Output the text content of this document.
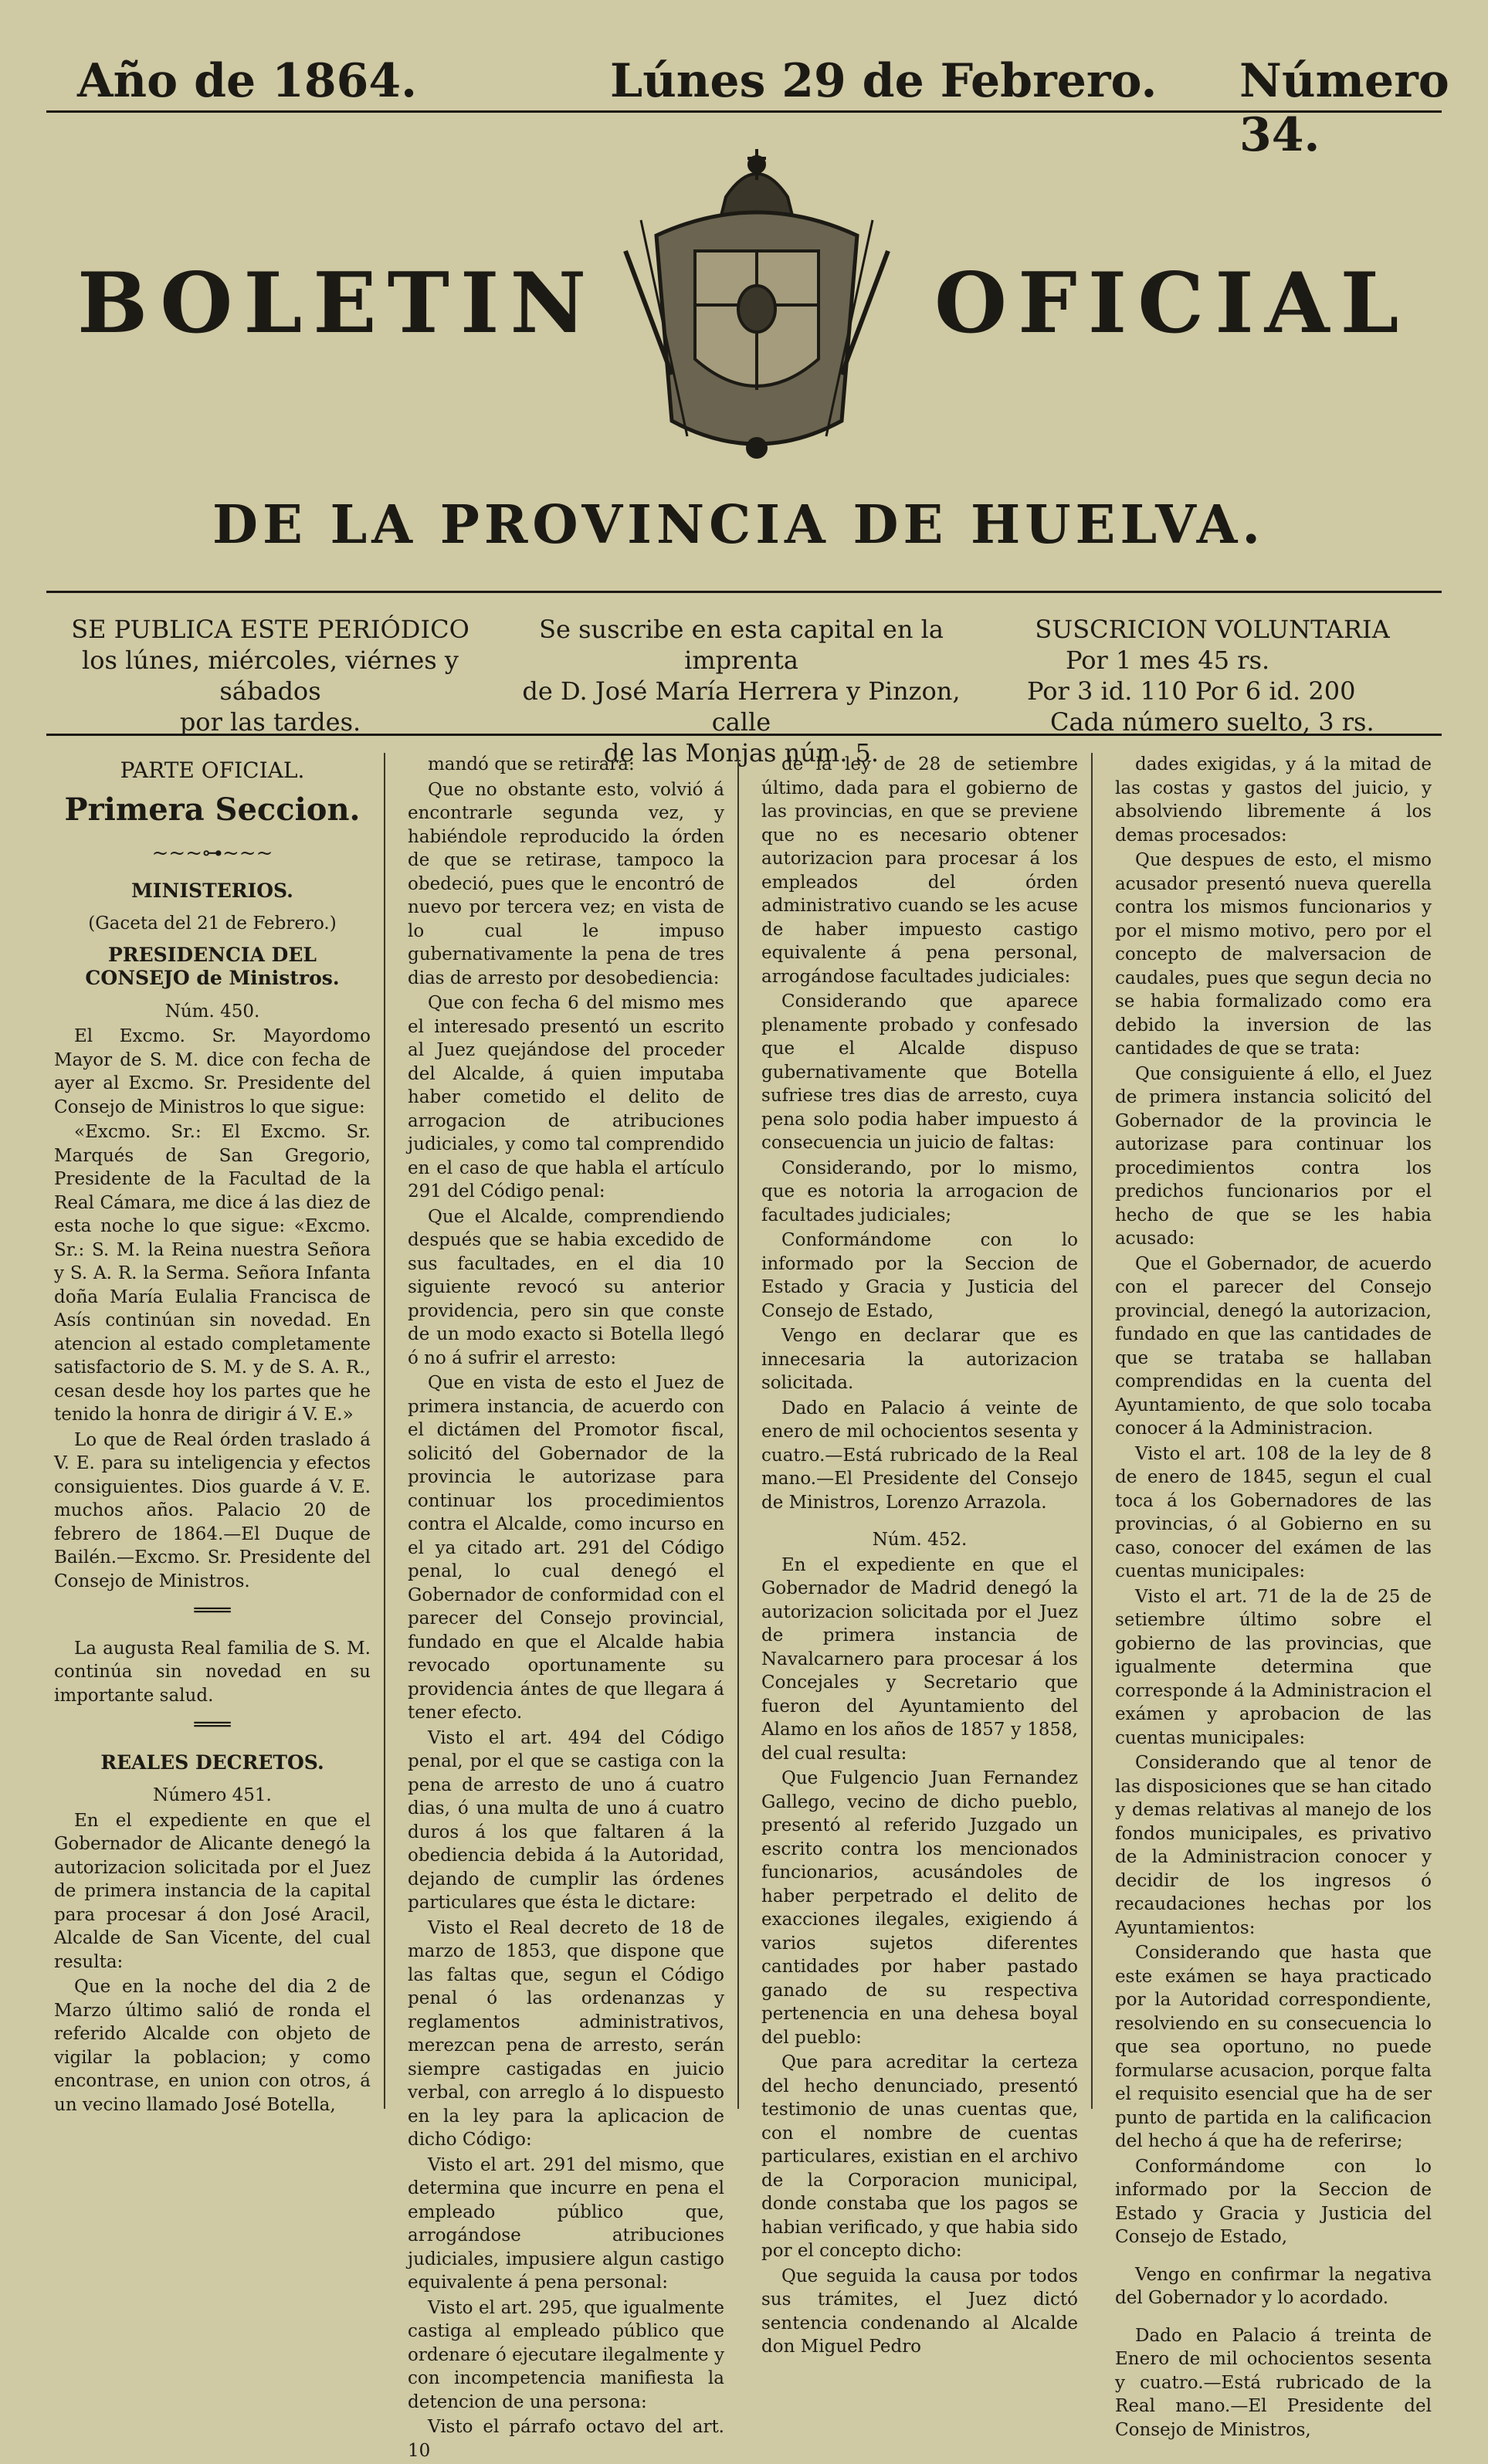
Año de 1864.	Lúnes 29 de Febrero. Número 34.
BOLETIN	OFICIAL
DE LA PROVINCIA DE HUELVA.
SE PUBLICA ESTE PERIÓDICO
los lúnes, miércoles, viérnes y sábados
por las tardes.
Se suscribe en esta capital en la imprenta
de D. José María Herrera y Pinzon, calle
de las Monjas núm. 5.
SUSCRICION VOLUNTARIA
Por 1 mes 45 rs.
Por 3 id. 110 Por 6 id. 200
Cada número suelto, 3 rs.

PARTE OFICIAL.

Primera Seccion.

~~~⊶~~~

MINISTERIOS.

(Gaceta del 21 de Febrero.)

PRESIDENCIA DEL CONSEJO de Ministros.

Núm. 450.

El Excmo. Sr. Mayordomo Mayor de S. M. dice con fecha de ayer al Excmo. Sr. Presidente del Consejo de Ministros lo que sigue:

«Excmo. Sr.: El Excmo. Sr. Marqués de San Gregorio, Presidente de la Facultad de la Real Cámara, me dice á las diez de esta noche lo que sigue: «Excmo. Sr.: S. M. la Reina nuestra Señora y S. A. R. la Serma. Señora Infanta doña María Eulalia Francisca de Asís continúan sin novedad. En atencion al estado completamente satisfactorio de S. M. y de S. A. R., cesan desde hoy los partes que he tenido la honra de dirigir á V. E.»

Lo que de Real órden traslado á V. E. para su inteligencia y efectos consiguientes. Dios guarde á V. E. muchos años. Palacio 20 de febrero de 1864.—El Duque de Bailén.—Excmo. Sr. Presidente del Consejo de Ministros.

═══

La augusta Real familia de S. M. continúa sin novedad en su importante salud.

═══

REALES DECRETOS.

Número 451.

En el expediente en que el Gobernador de Alicante denegó la autorizacion solicitada por el Juez de primera instancia de la capital para procesar á don José Aracil, Alcalde de San Vicente, del cual resulta:

Que en la noche del dia 2 de Marzo último salió de ronda el referido Alcalde con objeto de vigilar la poblacion; y como encontrase, en union con otros, á un vecino llamado José Botella,

mandó que se retirara:

Que no obstante esto, volvió á encontrarle segunda vez, y habiéndole reproducido la órden de que se retirase, tampoco la obedeció, pues que le encontró de nuevo por tercera vez; en vista de lo cual le impuso gubernativamente la pena de tres dias de arresto por desobediencia:

Que con fecha 6 del mismo mes el interesado presentó un escrito al Juez quejándose del proceder del Alcalde, á quien imputaba haber cometido el delito de arrogacion de atribuciones judiciales, y como tal comprendido en el caso de que habla el artículo 291 del Código penal:

Que el Alcalde, comprendiendo después que se habia excedido de sus facultades, en el dia 10 siguiente revocó su anterior providencia, pero sin que conste de un modo exacto si Botella llegó ó no á sufrir el arresto:

Que en vista de esto el Juez de primera instancia, de acuerdo con el dictámen del Promotor fiscal, solicitó del Gobernador de la provincia le autorizase para continuar los procedimientos contra el Alcalde, como incurso en el ya citado art. 291 del Código penal, lo cual denegó el Gobernador de conformidad con el parecer del Consejo provincial, fundado en que el Alcalde habia revocado oportunamente su providencia ántes de que llegara á tener efecto.

Visto el art. 494 del Código penal, por el que se castiga con la pena de arresto de uno á cuatro dias, ó una multa de uno á cuatro duros á los que faltaren á la obediencia debida á la Autoridad, dejando de cumplir las órdenes particulares que ésta le dictare:

Visto el Real decreto de 18 de marzo de 1853, que dispone que las faltas que, segun el Código penal ó las ordenanzas y reglamentos administrativos, merezcan pena de arresto, serán siempre castigadas en juicio verbal, con arreglo á lo dispuesto en la ley para la aplicacion de dicho Código:

Visto el art. 291 del mismo, que determina que incurre en pena el empleado público que, arrogándose atribuciones judiciales, impusiere algun castigo equivalente á pena personal:

Visto el art. 295, que igualmente castiga al empleado público que ordenare ó ejecutare ilegalmente y con incompetencia manifiesta la detencion de una persona:

Visto el párrafo octavo del art. 10

de la ley de 28 de setiembre último, dada para el gobierno de las provincias, en que se previene que no es necesario obtener autorizacion para procesar á los empleados del órden administrativo cuando se les acuse de haber impuesto castigo equivalente á pena personal, arrogándose facultades judiciales:

Considerando que aparece plenamente probado y confesado que el Alcalde dispuso gubernativamente que Botella sufriese tres dias de arresto, cuya pena solo podia haber impuesto á consecuencia un juicio de faltas:

Considerando, por lo mismo, que es notoria la arrogacion de facultades judiciales;

Conformándome con lo informado por la Seccion de Estado y Gracia y Justicia del Consejo de Estado,

Vengo en declarar que es innecesaria la autorizacion solicitada.

Dado en Palacio á veinte de enero de mil ochocientos sesenta y cuatro.—Está rubricado de la Real mano.—El Presidente del Consejo de Ministros, Lorenzo Arrazola.

Núm. 452.

En el expediente en que el Gobernador de Madrid denegó la autorizacion solicitada por el Juez de primera instancia de Navalcarnero para procesar á los Concejales y Secretario que fueron del Ayuntamiento del Alamo en los años de 1857 y 1858, del cual resulta:

Que Fulgencio Juan Fernandez Gallego, vecino de dicho pueblo, presentó al referido Juzgado un escrito contra los mencionados funcionarios, acusándoles de haber perpetrado el delito de exacciones ilegales, exigiendo á varios sujetos diferentes cantidades por haber pastado ganado de su respectiva pertenencia en una dehesa boyal del pueblo:

Que para acreditar la certeza del hecho denunciado, presentó testimonio de unas cuentas que, con el nombre de cuentas particulares, existian en el archivo de la Corporacion municipal, donde constaba que los pagos se habian verificado, y que habia sido por el concepto dicho:

Que seguida la causa por todos sus trámites, el Juez dictó sentencia condenando al Alcalde don Miguel Pedro

dades exigidas, y á la mitad de las costas y gastos del juicio, y absolviendo libremente á los demas procesados:

Que despues de esto, el mismo acusador presentó nueva querella contra los mismos funcionarios y por el mismo motivo, pero por el concepto de malversacion de caudales, pues que segun decia no se habia formalizado como era debido la inversion de las cantidades de que se trata:

Que consiguiente á ello, el Juez de primera instancia solicitó del Gobernador de la provincia le autorizase para continuar los procedimientos contra los predichos funcionarios por el hecho de que se les habia acusado:

Que el Gobernador, de acuerdo con el parecer del Consejo provincial, denegó la autorizacion, fundado en que las cantidades de que se trataba se hallaban comprendidas en la cuenta del Ayuntamiento, de que solo tocaba conocer á la Administracion.

Visto el art. 108 de la ley de 8 de enero de 1845, segun el cual toca á los Gobernadores de las provincias, ó al Gobierno en su caso, conocer del exámen de las cuentas municipales:

Visto el art. 71 de la de 25 de setiembre último sobre el gobierno de las provincias, que igualmente determina que corresponde á la Administracion el exámen y aprobacion de las cuentas municipales:

Considerando que al tenor de las disposiciones que se han citado y demas relativas al manejo de los fondos municipales, es privativo de la Administracion conocer y decidir de los ingresos ó recaudaciones hechas por los Ayuntamientos:

Considerando que hasta que este exámen se haya practicado por la Autoridad correspondiente, resolviendo en su consecuencia lo que sea oportuno, no puede formularse acusacion, porque falta el requisito esencial que ha de ser punto de partida en la calificacion del hecho á que ha de referirse;

Conformándome con lo informado por la Seccion de Estado y Gracia y Justicia del Consejo de Estado,

Vengo en confirmar la negativa del Gobernador y lo acordado.

Dado en Palacio á treinta de Enero de mil ochocientos sesenta y cuatro.—Está rubricado de la Real mano.—El Presidente del Consejo de Ministros,
